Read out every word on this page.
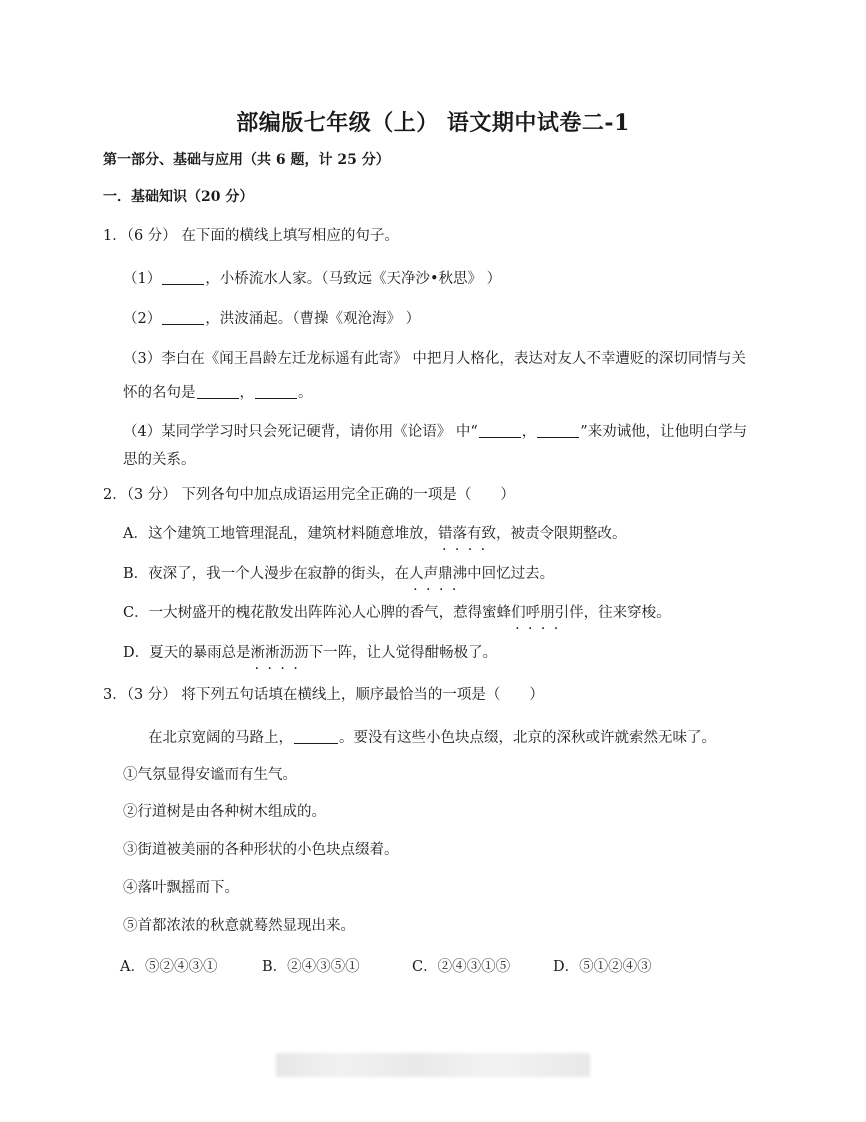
部编版七年级（上） 语文期中试卷二-1
第一部分、基础与应用（共 6 题，计 25 分）
一．基础知识（20 分）
1．（6 分） 在下面的横线上填写相应的句子。
（1）	，小桥流水人家。（马致远《天净沙•秋思》 ）
（2）	，洪波涌起。（曹操《观沧海》 ）
（3）李白在《闻王昌龄左迁龙标遥有此寄》 中把月人格化，表达对友人不幸遭贬的深切同情与关
怀的名句是	，	。
（4）某同学学习时只会死记硬背，请你用《论语》 中“	，	”来劝诫他，让他明白学与
思的关系。
2．（3 分） 下列各句中加点成语运用完全正确的一项是（　　）
A．这个建筑工地管理混乱，建筑材料随意堆放，错落有致 · · · ·，被责令限期整改。
B．夜深了，我一个人漫步在寂静的街头，在人声鼎沸 · · · ·中回忆过去。
C．一大树盛开的槐花散发出阵阵沁人心脾的香气，惹得蜜蜂们呼朋引 · · · ·伴，往来穿梭。
D．夏天的暴雨总是淅淅沥沥 · · · ·下一阵，让人觉得酣畅极了。
3．（3 分） 将下列五句话填在横线上，顺序最恰当的一项是（　　）
在北京宽阔的马路上，	。要没有这些小色块点缀，北京的深秋或许就索然无味了。
①气氛显得安谧而有生气。
②行道树是由各种树木组成的。
③街道被美丽的各种形状的小色块点缀着。
④落叶飘摇而下。
⑤首都浓浓的秋意就蓦然显现出来。
A．⑤②④③①	B．②④③⑤①	C．②④③①⑤	D．⑤①②④③
